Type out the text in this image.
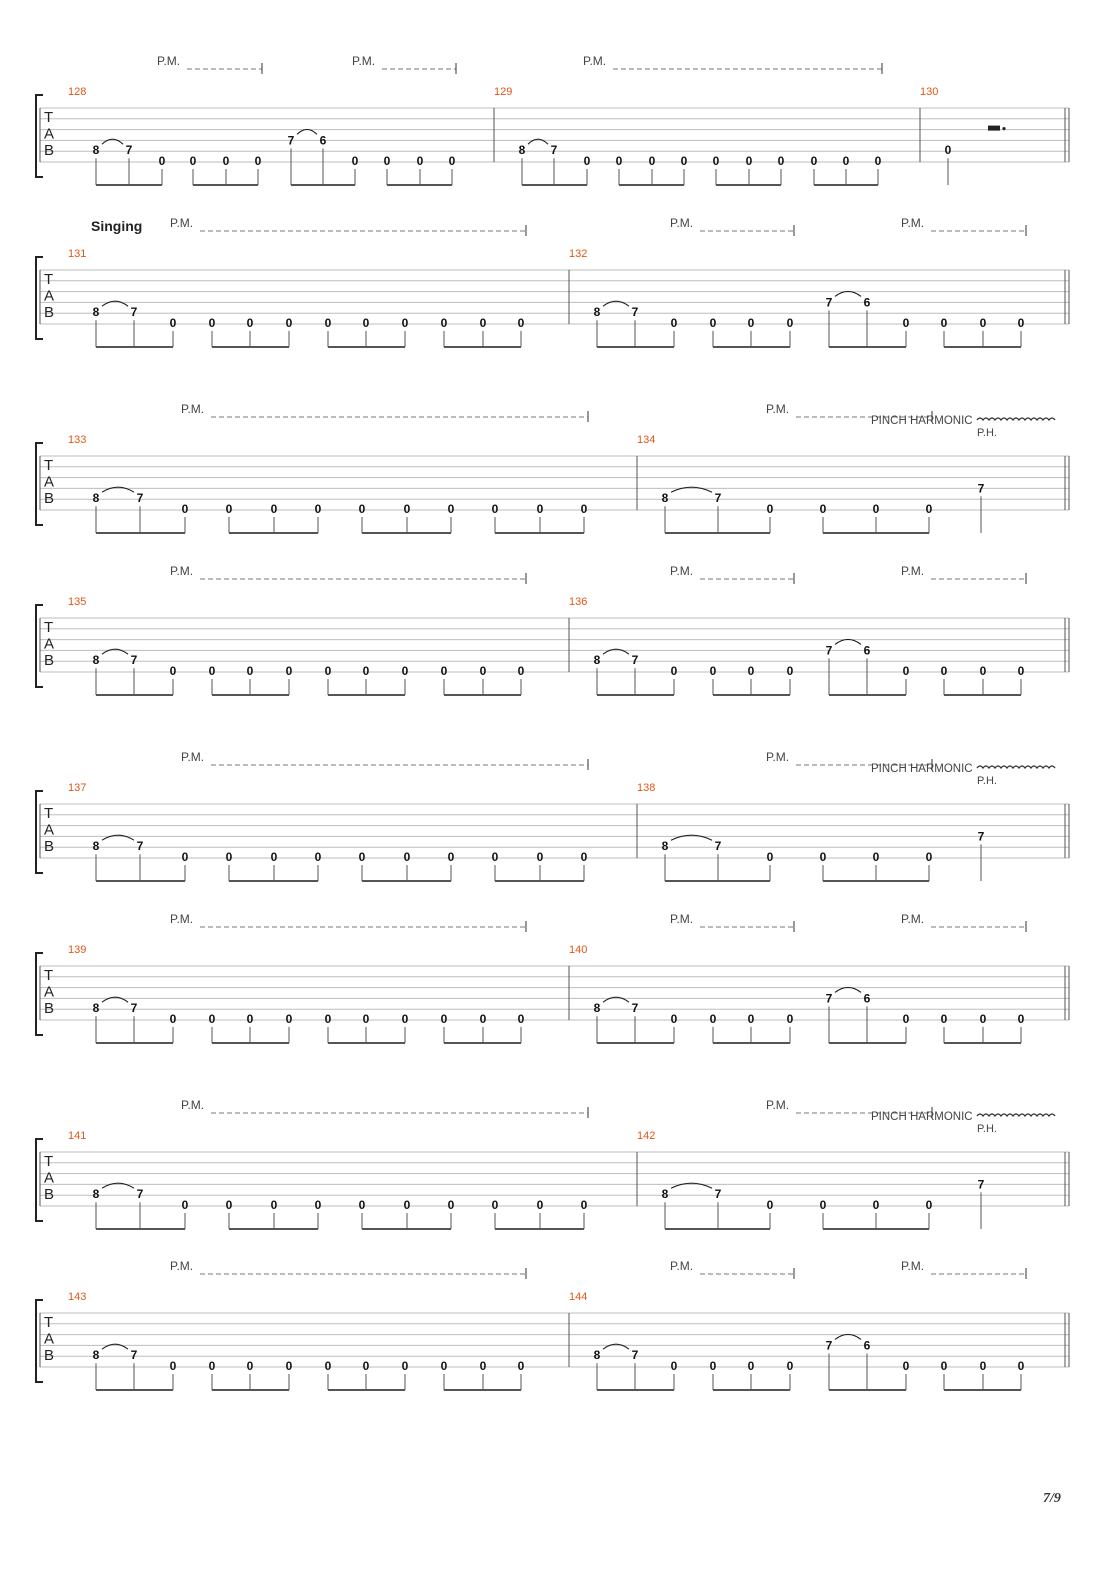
T
A
B
P.M.	P.M.	P.M.
128
8 7
0 0 0 0
7 6
0 0 0 0
129
8 7
0 0 0 0 0 0 0 0 0 0
130
0
T
A
B
Singing P.M.	P.M.	P.M.
131
8	7
0	0	0	0	0	0	0	0	0	0
132
8	7
0	0	0	0
7	6
0	0	0	0
T
A
B
P.M.	P.M.
PINCH HARMONIC
P.H.
133
8	7
0	0	0	0	0	0	0	0	0	0
134
8	7
0	0	0	0
7
T
A
B
P.M.	P.M.	P.M.
135
8	7
0	0	0	0	0	0	0	0	0	0
136
8	7
0	0	0	0
7	6
0	0	0	0
T
A
B
P.M.	P.M.
PINCH HARMONIC
P.H.
137
8	7
0	0	0	0	0	0	0	0	0	0
138
8	7
0	0	0	0
7
T
A
B
P.M.	P.M.	P.M.
139
8	7
0	0	0	0	0	0	0	0	0	0
140
8	7
0	0	0	0
7	6
0	0	0	0
T
A
B
P.M.	P.M.
PINCH HARMONIC
P.H.
141
8	7
0	0	0	0	0	0	0	0	0	0
142
8	7
0	0	0	0
7
T
A
B
P.M.	P.M.	P.M.
143
8	7
0	0	0	0	0	0	0	0	0	0
144
8	7
0	0	0	0
7	6
0	0	0	0
7/9
